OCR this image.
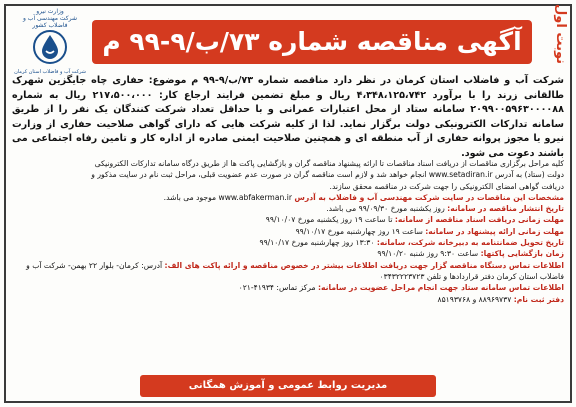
وزارت نیرو
شرکت مهندسی آب و فاضلاب کشور
شرکت آب و فاضلاب استان کرمان
آگهی مناقصه شماره ۷۳/ب/۹-۹۹ م	نوبت اول

شرکت آب و فاضلاب استان کرمان در نظر دارد مناقصه شماره ۷۳/ب/۹-۹۹ م موضوع: حفاری چاه جایگزین شهرک طالقانی زرند را با برآورد ۴،۳۴۸،۱۲۵،۷۴۲ ریال و مبلغ تضمین فرایند ارجاع کار: ۲۱۷،۵۰۰،۰۰۰ ریال به شماره ۲۰۹۹۰۰۵۹۶۳۰۰۰۰۸۸ سامانه ستاد از محل اعتبارات عمرانی و با حداقل تعداد شرکت کنندگان یک نفر را از طریق سامانه تدارکات الکترونیکی دولت برگزار نماید. لذا از کلیه شرکت هایی که دارای گواهی صلاحیت حفاری از وزارت نیرو یا مجوز پروانه حفاری از آب منطقه ای و همچنین صلاحیت ایمنی صادره از اداره کار و تامین رفاه اجتماعی می باشند دعوت می شود.

کلیه مراحل برگزاری مناقصات از دریافت اسناد مناقصات تا ارائه پیشنهاد مناقصه گران و بازگشایی پاکت ها از طریق درگاه سامانه تدارکات الکترونیکی

دولت (ستاد) به آدرس www.setadiran.ir انجام خواهد شد و لازم است مناقصه گران در صورت عدم عضویت قبلی، مراحل ثبت نام در سایت مذکور و

دریافت گواهی امضای الکترونیکی را جهت شرکت در مناقصه محقق سازند.

مشخصات این مناقصات در سایت شرکت مهندسی آب و فاضلاب به آدرس www.abfakerman.ir موجود می باشد.

تاریخ انتشار مناقصه در سامانه: روز یکشنبه مورخ ۹۹/۰۹/۳۰ می باشد.

مهلت زمانی دریافت اسناد مناقصه از سامانه: تا ساعت ۱۹ روز یکشنبه مورخ ۹۹/۱۰/۰۷

مهلت زمانی ارائه پیشنهاد در سامانه: ساعت ۱۹ روز چهارشنبه مورخ ۹۹/۱۰/۱۷

تاریخ تحویل ضمانتنامه به دبیرخانه شرکت، سامانه: ۱۳:۳۰ روز چهارشنبه مورخ ۹۹/۱۰/۱۷

زمان بازگشایی پاکتها: ساعت ۹:۳۰ روز شنبه ۹۹/۱۰/۲۰

اطلاعات تماس دستگاه مناقصه گزار جهت دریافت اطلاعات بیشتر در خصوص مناقصه و ارائه پاکت های الف: آدرس: کرمان- بلوار ۲۲ بهمن- شرکت آب و

فاضلاب استان کرمان دفتر قراردادها و تلفن ۰۳۴۳۲۲۲۳۷۲۳

اطلاعات تماس سامانه ستاد جهت انجام مراحل عضویت در سامانه: مرکز تماس: ۴۱۹۳۴-۰۲۱

دفتر ثبت نام: ۸۸۹۶۹۷۳۷ و ۸۵۱۹۳۷۶۸

مدیریت روابط عمومی و آموزش همگانی
